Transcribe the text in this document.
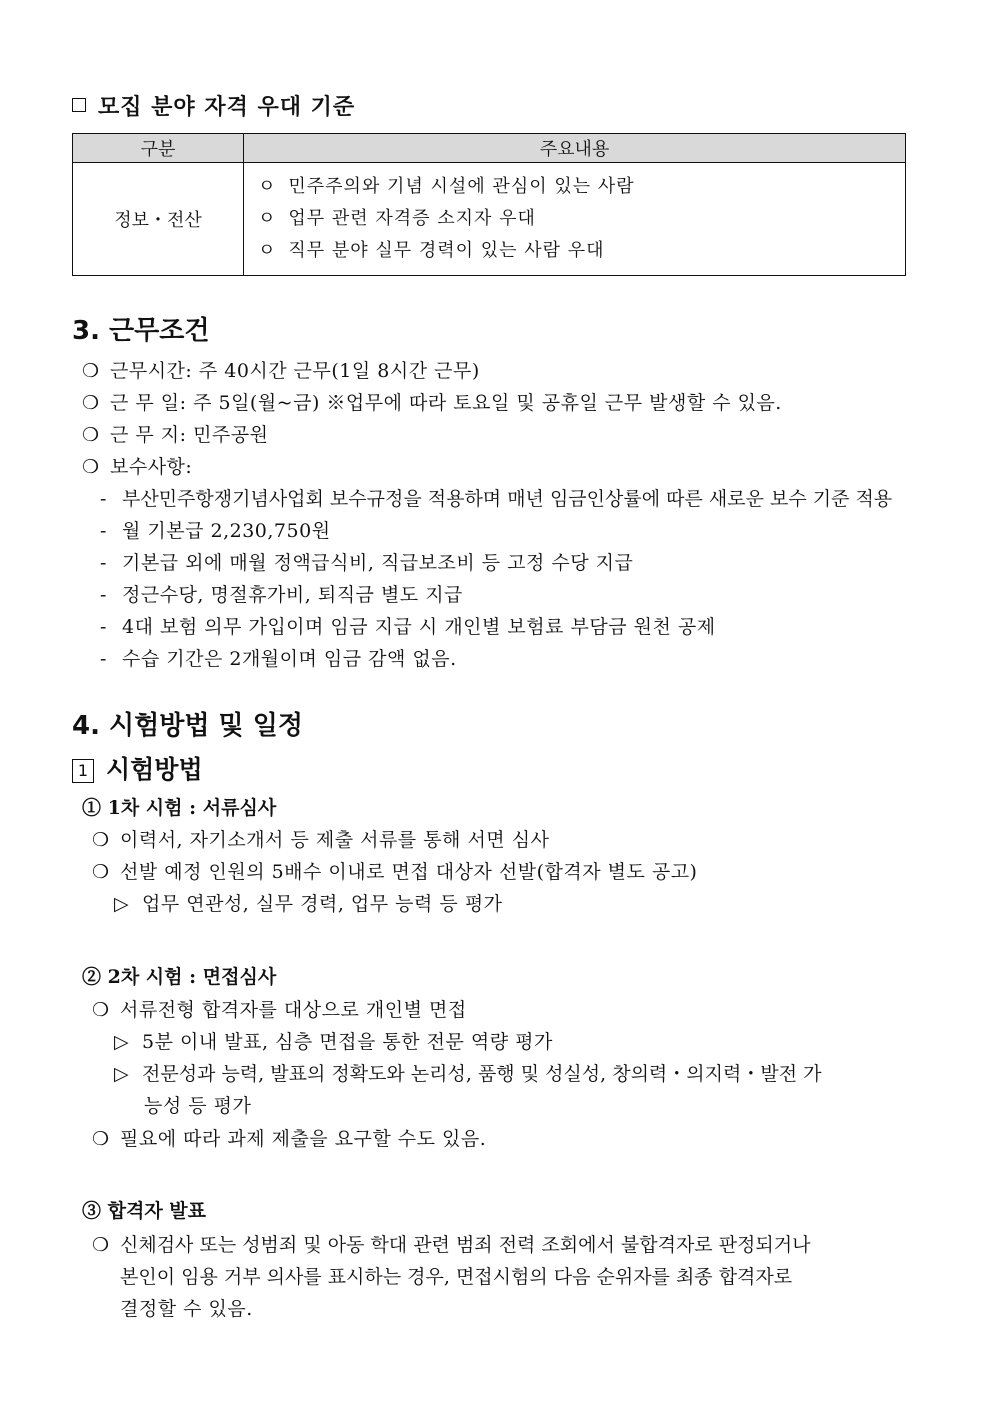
모집 분야 자격 우대 기준
구분	주요내용
정보・전산	ㅇ 민주주의와 기념 시설에 관심이 있는 사람
ㅇ 업무 관련 자격증 소지자 우대
ㅇ 직무 분야 실무 경력이 있는 사람 우대
3. 근무조건
❍ 근무시간: 주 40시간 근무(1일 8시간 근무)
❍ 근 무 일: 주 5일(월~금) ※업무에 따라 토요일 및 공휴일 근무 발생할 수 있음.
❍ 근 무 지: 민주공원
❍ 보수사항:
- 부산민주항쟁기념사업회 보수규정을 적용하며 매년 임금인상률에 따른 새로운 보수 기준 적용
- 월 기본급 2,230,750원
- 기본급 외에 매월 정액급식비, 직급보조비 등 고정 수당 지급
- 정근수당, 명절휴가비, 퇴직금 별도 지급
- 4대 보험 의무 가입이며 임금 지급 시 개인별 보험료 부담금 원천 공제
- 수습 기간은 2개월이며 임금 감액 없음.
4. 시험방법 및 일정
1 시험방법
① 1차 시험 : 서류심사
❍ 이력서, 자기소개서 등 제출 서류를 통해 서면 심사
❍ 선발 예정 인원의 5배수 이내로 면접 대상자 선발(합격자 별도 공고)
▷ 업무 연관성, 실무 경력, 업무 능력 등 평가
② 2차 시험 : 면접심사
❍ 서류전형 합격자를 대상으로 개인별 면접
▷ 5분 이내 발표, 심층 면접을 통한 전문 역량 평가
▷ 전문성과 능력, 발표의 정확도와 논리성, 품행 및 성실성, 창의력・의지력・발전 가
능성 등 평가
❍ 필요에 따라 과제 제출을 요구할 수도 있음.
③ 합격자 발표
❍ 신체검사 또는 성범죄 및 아동 학대 관련 범죄 전력 조회에서 불합격자로 판정되거나
본인이 임용 거부 의사를 표시하는 경우, 면접시험의 다음 순위자를 최종 합격자로
결정할 수 있음.
